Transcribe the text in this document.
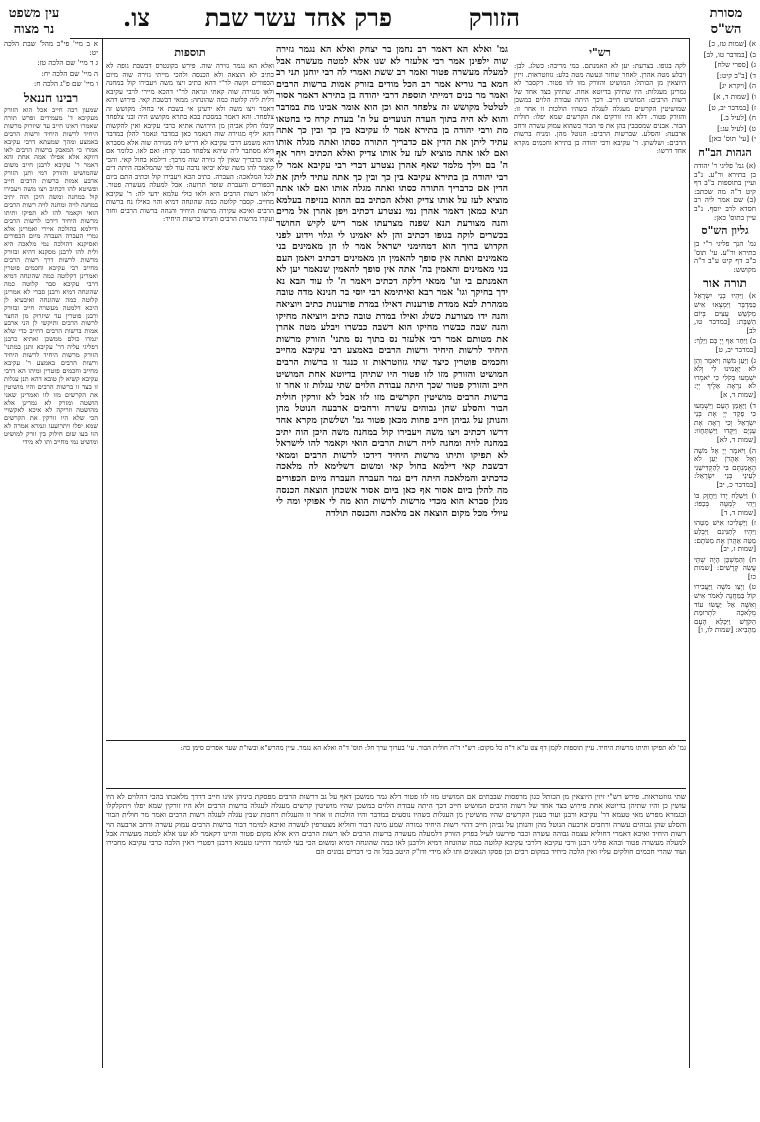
מסורת
הש"ס
הזורק
פרק אחד עשר
שבת
צו.
עין משפט
נר מצוה

א) [שמות טז, כ]

ב) [במדבר טו, לב]

ג) [ספרי שלח]

ד) [ב"ב קיט:]

ה) [ויקרא יג]

ו) [שמות ד, א]

ז) [במדבר יב, ט]

ח) [לעיל ב.]

ט) [לעיל עג:]

י) [עי' תוס' כאן]

הגהות הב"ח

(א) גמ' פליגי ר' יהודה בן בתירא ור"ע. נ"ב ועיין בתוספות ב"ב דף קיט ד"ה מה שכתב: (ב) שם אמר ליה רב חסדא לרב יוסף. נ"ב עיין בתוס' כאן:

גליון הש"ס

גמ' הנך פליגי ר"י בן בתירא ור"ע. עי' תוס' ב"ב דף קיט ע"ב ד"ה מקושש:

תורה אור

א) וַיִּהְיוּ בְנֵי יִשְׂרָאֵל בַּמִּדְבָּר וַיִּמְצְאוּ אִישׁ מְקֹשֵׁשׁ עֵצִים בְּיוֹם הַשַּׁבָּת: [במדבר טו, לב]

ב) וַיִּחַר אַף יְיָ בָּם וַיֵּלַךְ: [במדבר יב, ט]

ג) וַיַּעַן מֹשֶׁה וַיֹּאמֶר וְהֵן לֹא יַאֲמִינוּ לִי וְלֹא יִשְׁמְעוּ בְּקֹלִי כִּי יֹאמְרוּ לֹא נִרְאָה אֵלֶיךָ יְיָ: [שמות ד, א]

ד) וַיַּאֲמֵן הָעָם וַיִּשְׁמְעוּ כִּי פָקַד יְיָ אֶת בְּנֵי יִשְׂרָאֵל וְכִי רָאָה אֶת עָנְיָם וַיִּקְּדוּ וַיִּשְׁתַּחֲווּ: [שמות ד, לא]

ה) וַיֹּאמֶר יְיָ אֶל מֹשֶׁה וְאֶל אַהֲרֹן יַעַן לֹא הֶאֱמַנְתֶּם בִּי לְהַקְדִּישֵׁנִי לְעֵינֵי בְּנֵי יִשְׂרָאֵל: [במדבר כ, יב]

ו) וַיִּשְׁלַח יָדוֹ וַיַּחֲזֶק בּוֹ וַיְהִי לְמַטֶּה בְּכַפּוֹ: [שמות ד, ד]

ז) וַיַּשְׁלִיכוּ אִישׁ מַטֵּהוּ וַיִּהְיוּ לְתַנִּינִם וַיִּבְלַע מַטֵּה אַהֲרֹן אֶת מַטֹּתָם: [שמות ז, יב]

ח) וְהַמִּשְׁכָּן הָיָה שְׁתֵּי עֲשֵׂה קְרָשִׁים: [שמות כו]

ט) וַיְצַו מֹשֶׁה וַיַּעֲבִירוּ קוֹל בַּמַּחֲנֶה לֵאמֹר אִישׁ וְאִשָּׁה אַל יַעֲשׂוּ עוֹד מְלָאכָה לִתְרוּמַת הַקֹּדֶשׁ וַיִּכָּלֵא הָעָם מֵהָבִיא: [שמות לו, ו]

א ב מיי' פי"ב מהל' שבת הלכה יט:

ג ד מיי' שם הלכה טז:

ה מיי' שם הלכה יח:

ו מיי' שם פ"ג הלכה ח:

רבינו חננאל

שמעון רבה חייב אכל הוא הזורק מעקיבא ד' מעמידים ופרש תורה שאמרו דאינו חייב עד שיזרוק מרשות היחיד לרשות היחיד ורשות הרבים באמצע ומהך שמעתא דרבי עקיבא אמרו כי המאבק ברשות הרבים לאו דווקא אלא אפילו אמה אחת והא דאמר ר' עקיבא לרבנן חייב משום שהמושיט והזורק דמי ותנן הזורק ארבע אמות ברשות הרבים חייב ופשיטא להו דכתיב ויצו משה ויעבירו קול במחנה ומשה היכן הוה יתיב במחנה לויה ומחנה לויה רשות הרבים הואי וקאמר להו לא תפיקו ותיתו מרשות היחיד דידכו לרשות הרבים ודילמא בהולכה איירי ואמרינן אלא גמרי העברה העברה מיום הכפורים ואסיקנא דהולכה נמי מלאכה היא ולית להו לרבנן מסקנא דהיא ובזורק מרשות לרשות דרך רשות הרבים מחייב רבי עקיבא וחכמים פוטרין ואמרינן דקלוטה כמה שהונחה דמיא דרבי עקיבא סבר קלוטה כמה שהונחה דמיא ורבנן סברי לא אמרינן קלוטה כמה שהונחה ואיבעיא לן היכא דלמטה מעשרה חייב ובזורק ורבנן פוטרין עד שיזרוק מן החצר לרשות הרבים ותיקשי לן הני ארבע אמות ברשות הרבים דחייב כדי שלא יגמרו כולם ממשכן ואתיא כרבנן דפליגי עליה דר' עקיבא ותנן במתני' הזורק מרשות היחיד לרשות היחיד ורשות הרבים באמצע ר' עקיבא מחייב וחכמים פוטרין ומיהו הא דרבי עקיבא קשיא לן טובא דהא תנן עגלות זו בצד זו ברשות הרבים והיו מושיטין את הקרשים מזו לזו ואמרינן שאני הושטה ומזרק לא גמרינן אלא מהושטה וזריקה לא איכא לאקשויי הכי שלא היו זורקין את הקרשים שמא יפלו ויתרועעו וגמרא אמרה לא הוו בעו שום חילוק בין זורק למושיט ומושיט נמי מחייב ותו לא מידי

רש"י

לקה בגופו. בצרעת: יען לא האמנתם. במי מריבה: כשלג. לבן: ויבלע מטה אהרן. לאחר שחזר ונעשה מטה בלע: גזוזטראות. זיזין היוצאין מן הכותל: המושיט והזורק מזו לזו פטור. דקסבר לא גמרינן מעגלות: היו שתיהן בדיוטא אחת. שתיהן בצד אחד של רשות הרבים: המושיט חייב. דכך היתה עבודת הלוים במשכן שמושיטין הקרשים מעגלה לעגלה כשהיו הולכות זו אחר זו: והזורק פטור. דלא היו זורקים את הקרשים שמא יפלו: חולית הבור. אבנים שמסבבין בהן את פי הבור כשהוא עמוק עשרה ורחב ארבעה: והסלע. שברשות הרבים: הנוטל מהן. ומניח ברשות הרבים: ושלשתן. ר' עקיבא ורבי יהודה בן בתירא וחכמים מקרא אחד דרשו:

תוספות

ואלא הא נגמר גזירה שוה. פירש בקונטרס דבשבת גופה לא כתיב לא הוצאה ולא הכנסה ולהכי מייתי גזירה שוה מיום הכפורים וקשה לר"י דהא כתיב ויצו משה ויעבירו קול במחנה ולאו מגזירה שוה קאתי ונראה לר"י דהכא מיירי לרבי עקיבא דלית ליה קלוטה כמה שהונחה: ממאי דבשבת קאי. פירוש דהא דאמר ויצו משה ולא ידעינן אי בשבת אי בחול: מקושש זה צלפחד. והא דאמר במסכת בבא בתרא מקושש היה ובני צלפחד קיבלו חלק אביהן מן הירושה אתיא כרבי עקיבא ואין להקשות דהא יליף מגזירה שוה דנאמר כאן במדבר ונאמר להלן במדבר דהא משמע דרבי עקיבא לא דריש ליה מגזירה שוה אלא מסברא דלא מסתבר ליה שיהא צלפחד מבני קרח: ואם לאו. כלומר אם אינו כדבריך שאין לך גזירה שוה מרבך: דילמא בחול קאי. והכי קאמר להו משה שלא יביאו נדבה עוד לפי שהמלאכה היתה דים לכל המלאכה: העברה. כתיב הכא ויעבירו קול וכתיב התם ביום הכפורים והעברת שופר תרועה: אבל למעלה מעשרה פטור. דלאו רשות הרבים היא ולאו כולי עלמא ידעי לה: ר' עקיבא מחייב. קסבר קלוטה כמה שהונחה דמיא והוי כאילו נח ברשות הרבים ואיכא עקירה מרשות היחיד והנחה ברשות הרבים וחזר ועקרו מרשות הרבים והניחו ברשות היחיד:

גמ' ואלא הא דאמר רב נחמן בר יצחק ואלא הא נגמר גזירה שוה ילפינן אמר רבי אלעזר לא שנו אלא למטה מעשרה אבל למעלה מעשרה פטור ואמר רב ששת ואמרי לה רבי יוחנן תני רב חמא בר גוריא אמר רב הכל מודים בזורק אמות ברשות הרבים ואמר מר בנים דמייתי תוספת דרבי יהודה בן בתירא דאמר אסור לטלטל מקושש זה צלפחד הוא וכן הוא אומר אבינו מת במדבר והוא לא היה בתוך העדה הנועדים על ה' בעדת קרח כי בחטאו מת ורבי יהודה בן בתירא אמר לו עקיבא בין כך ובין כך אתה עתיד ליתן את הדין אם כדבריך התורה כסתו ואתה מגלה אותו ואם לאו אתה מוציא לעז על אותו צדיק ואלא הכתיב ויחר אף ה' בם וילך מלמד שאף אהרן נצטרע דברי רבי עקיבא אמר לו רבי יהודה בן בתירא עקיבא בין כך ובין כך אתה עתיד ליתן את הדין אם כדבריך התורה כסתו ואתה מגלה אותו ואם לאו אתה מוציא לעז על אותו צדיק ואלא הכתיב בם ההוא בנזיפה בעלמא תניא כמאן דאמר אהרן נמי נצטרע דכתיב ויפן אהרן אל מרים והנה מצורעת תנא שפנה מצרעתו אמר ריש לקיש החושד בכשרים לוקה בגופו דכתיב והן לא יאמינו לי וגלוי וידוע לפני הקדוש ברוך הוא דמהימני ישראל אמר לו הן מאמינים בני מאמינים ואתה אין סופך להאמין הן מאמינים דכתיב ויאמן העם בני מאמינים והאמין בה' אתה אין סופך להאמין שנאמר יען לא האמנתם בי וגו' ממאי דלקה דכתיב ויאמר ה' לו עוד הבא נא ידך בחיקך וגו' אמר רבא ואיתימא רבי יוסי בר חנינא מדה טובה ממהרת לבא ממדת פורענות דאילו במדת פורענות כתיב ויוציאה והנה ידו מצורעת כשלג ואילו במדת טובה כתיב ויוציאה מחיקו והנה שבה כבשרו מחיקו הוא דשבה כבשרו ויבלע מטה אהרן את מטותם אמר רבי אלעזר נס בתוך נס מתני' הזורק מרשות היחיד לרשות היחיד ורשות הרבים באמצע רבי עקיבא מחייב וחכמים פוטרין כיצד שתי גזוזטראות זו כנגד זו ברשות הרבים המושיט והזורק מזו לזו פטור היו שתיהן בדיוטא אחת המושיט חייב והזורק פטור שכך היתה עבודת הלוים שתי עגלות זו אחר זו ברשות הרבים מושיטין הקרשים מזו לזו אבל לא זורקין חולית הבור והסלע שהן גבוהים עשרה ורחבים ארבעה הנוטל מהן והנותן על גביהן חייב פחות מכאן פטור גמ' ושלשתן מקרא אחד דרשו דכתיב ויצו משה ויעבירו קול במחנה משה היכן הוה יתיב במחנה לויה ומחנה לויה רשות הרבים הואי וקאמר להו לישראל לא תפיקו ותיתו מרשות היחיד דידכו לרשות הרבים וממאי דבשבת קאי דילמא בחול קאי ומשום דשלימא לה מלאכה כדכתיב והמלאכה היתה דים גמר העברה העברה מיום הכפורים מה להלן ביום אסור אף כאן ביום אסור אשכחן הוצאה הכנסה מנלן סברא הוא מכדי מרשות לרשות הוא מה לי אפוקי ומה לי עיולי מכל מקום הוצאה אב מלאכה והכנסה תולדה
גמ' לא תפיקו ותיתו מרשות היחיד. עיין תוספות לקמן דף צט ע"א ד"ה כל מקום: רש"י ד"ה חולית הבור. עי' בערוך ערך חל: תוס' ד"ה ואלא הא נגמר. עיין מהרש"א ובשו"ת שער אפרים סימן כה:
שתי גזוזטראות. פירש רש"י זיזין היוצאין מן הכותל כגון מרפסות שבבתים אם המושיט מזו לזו פטור דלא גמר ממשכן דאף על גב דרשות הרבים מפסקת ביניהן אינו חייב דדרך מלאכתו בהכי דהלוים לא היו עושין כן והיו שתיהן בדיוטא אחת פירוש בצד אחד של רשות הרבים המושיט חייב דכך היתה עבודת הלוים במשכן שהיו מושיטין קרשים מעגלה לעגלה ברשות הרבים ולא היו זורקין שמא יפלו ויתקלקלו ובגמרא מפרש מאי טעמא דר' עקיבא ורבנן ועוד בענין הקרשים שהיו מושיטין מן העגלות כשהיו נוסעים במדבר והיו הולכות זו אחר זו והעגלות רחבות שבין עגלה לעגלה רשות הרבים ואמר מר חולית הבור והסלע שהן גבוהים עשרה ורחבים ארבעה הנוטל מהן והנותן על גביהן חייב דהוי רשות היחיד גמורה שמע מינה דבור וחוליא מצטרפין לעשרה ואיכא למימר דבור ברשות הרבים עמוק עשרה ורחב ארבעה הוי רשות היחיד ואיכא דאמרי דחוליא עצמה גבוהה עשרה וכבר פירשנו לעיל בפרק הזורק דלמעלה מעשרה ברשות הרבים לאו רשות הרבים היא אלא מקום פטור והיינו דקאמר לא שנו אלא למטה מעשרה אבל למעלה מעשרה פטור ובהא פליגי רבנן ורבי עקיבא דלרבי עקיבא קלוטה כמה שהונחה דמיא ולרבנן לאו כמה שהונחה דמיא ומשום הכי בעי למימר דהיינו טעמא דרבנן דפטרי דאין הלכה כרבי עקיבא מחבירו ועוד שהרי חכמים חולקים עליו ואין הלכה כיחיד במקום רבים וכן פסקו הגאונים ותו לא מידי ודו"ק היטב בכל זה כי דברים נכונים הם
